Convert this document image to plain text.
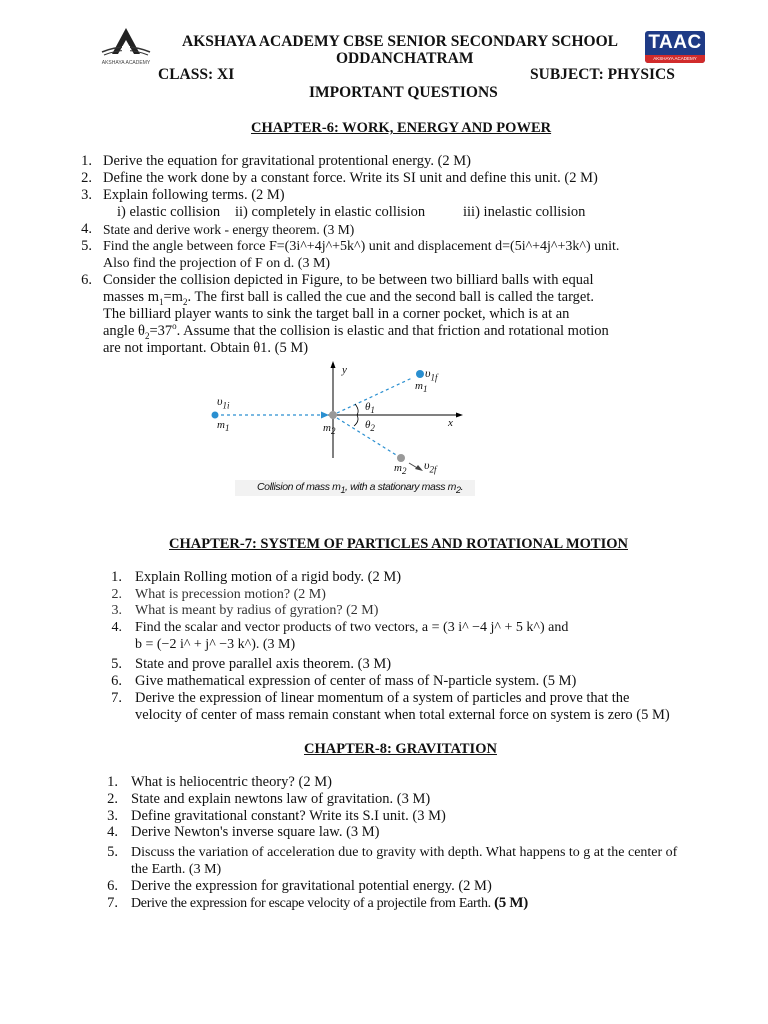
AKSHAYA ACADEMY
TAAC
AKSHAYA ACADEMY
AKSHAYA ACADEMY CBSE SENIOR SECONDARY SCHOOL
ODDANCHATRAM
CLASS: XI	SUBJECT: PHYSICS
IMPORTANT QUESTIONS
CHAPTER-6: WORK, ENERGY AND POWER
1. Derive the equation for gravitational protentional energy. (2 M)
2. Define the work done by a constant force. Write its SI unit and define this unit. (2 M)
3. Explain following terms. (2 M)
i) elastic collision ii) completely in elastic collision	iii) inelastic collision
4. State and derive work - energy theorem. (3 M)
5. Find the angle between force F=(3i^+4j^+5k^) unit and displacement d=(5i^+4j^+3k^) unit.
Also find the projection of F on d. (3 M)
6. Consider the collision depicted in Figure, to be between two billiard balls with equal
masses $m_1=m_2$. The first ball is called the cue and the second ball is called the target.
The billiard player wants to sink the target ball in a corner pocket, which is at an
angle $\theta_2=37^o$. Assume that the collision is elastic and that friction and rotational motion
are not important. Obtain θ1. (5 M)
y
x
$\upsilon_{1i}$
$m_1$	$m_2$
$m_1$
$\upsilon_{1f}$
$\theta_1$
$\theta_2$
$m_2$ $\upsilon_{2f}$
Collision of mass $m_1$, with a stationary mass $m_2$.
CHAPTER-7: SYSTEM OF PARTICLES AND ROTATIONAL MOTION
1. Explain Rolling motion of a rigid body. (2 M)
2. What is precession motion? (2 M)
3. What is meant by radius of gyration? (2 M)
4. Find the scalar and vector products of two vectors, a = (3 i^ −4 j^ + 5 k^) and
b = (−2 i^ + j^ −3 k^). (3 M)
5. State and prove parallel axis theorem. (3 M)
6. Give mathematical expression of center of mass of N-particle system. (5 M)
7. Derive the expression of linear momentum of a system of particles and prove that the
velocity of center of mass remain constant when total external force on system is zero (5 M)
CHAPTER-8: GRAVITATION
1. What is heliocentric theory? (2 M)
2. State and explain newtons law of gravitation. (3 M)
3. Define gravitational constant? Write its S.I unit. (3 M)
4. Derive Newton's inverse square law. (3 M)
5. Discuss the variation of acceleration due to gravity with depth. What happens to g at the center of
the Earth. (3 M)
6. Derive the expression for gravitational potential energy. (2 M)
7. Derive the expression for escape velocity of a projectile from Earth. (5 M)
